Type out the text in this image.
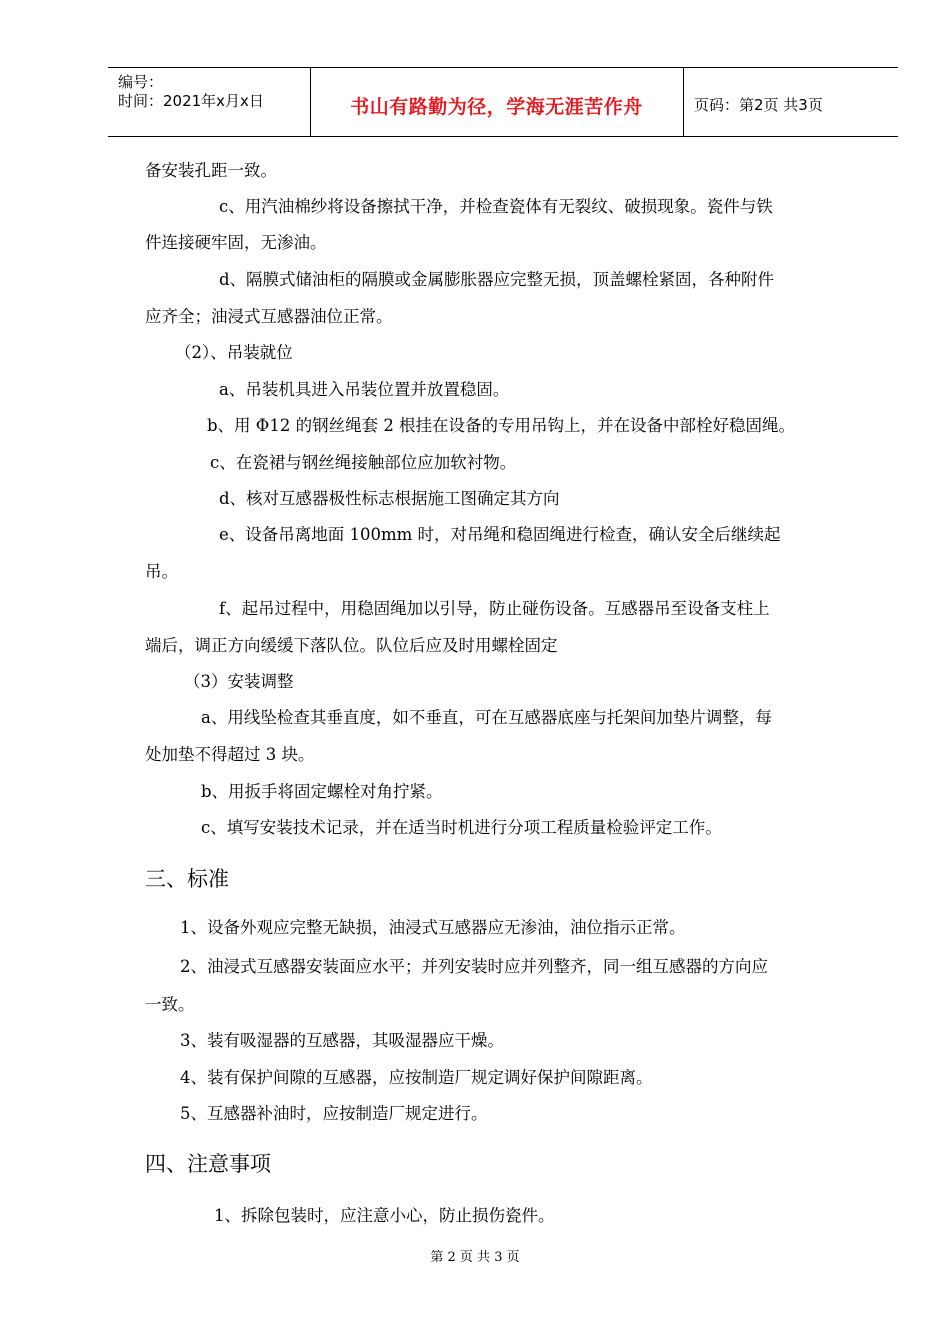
编号：
时间：2021年x月x日	书山有路勤为径，学海无涯苦作舟	页码：第2页 共3页
备安装孔距一致。
c、用汽油棉纱将设备擦拭干净，并检查瓷体有无裂纹、破损现象。瓷件与铁
件连接硬牢固，无渗油。
d、隔膜式储油柜的隔膜或金属膨胀器应完整无损，顶盖螺栓紧固，各种附件
应齐全；油浸式互感器油位正常。
（2）、吊装就位
a、吊装机具进入吊装位置并放置稳固。
b、用 Φ12 的钢丝绳套 2 根挂在设备的专用吊钩上，并在设备中部栓好稳固绳。
c、在瓷裙与钢丝绳接触部位应加软衬物。
d、核对互感器极性标志根据施工图确定其方向
e、设备吊离地面 100mm 时，对吊绳和稳固绳进行检查，确认安全后继续起
吊。
f、起吊过程中，用稳固绳加以引导，防止碰伤设备。互感器吊至设备支柱上
端后，调正方向缓缓下落队位。队位后应及时用螺栓固定
（3）安装调整
a、用线坠检查其垂直度，如不垂直，可在互感器底座与托架间加垫片调整，每
处加垫不得超过 3 块。
b、用扳手将固定螺栓对角拧紧。
c、填写安装技术记录，并在适当时机进行分项工程质量检验评定工作。
三、标准
1、设备外观应完整无缺损，油浸式互感器应无渗油，油位指示正常。
2、油浸式互感器安装面应水平；并列安装时应并列整齐，同一组互感器的方向应
一致。
3、装有吸湿器的互感器，其吸湿器应干燥。
4、装有保护间隙的互感器，应按制造厂规定调好保护间隙距离。
5、互感器补油时，应按制造厂规定进行。
四、注意事项
1、拆除包装时，应注意小心，防止损伤瓷件。
第 2 页 共 3 页
